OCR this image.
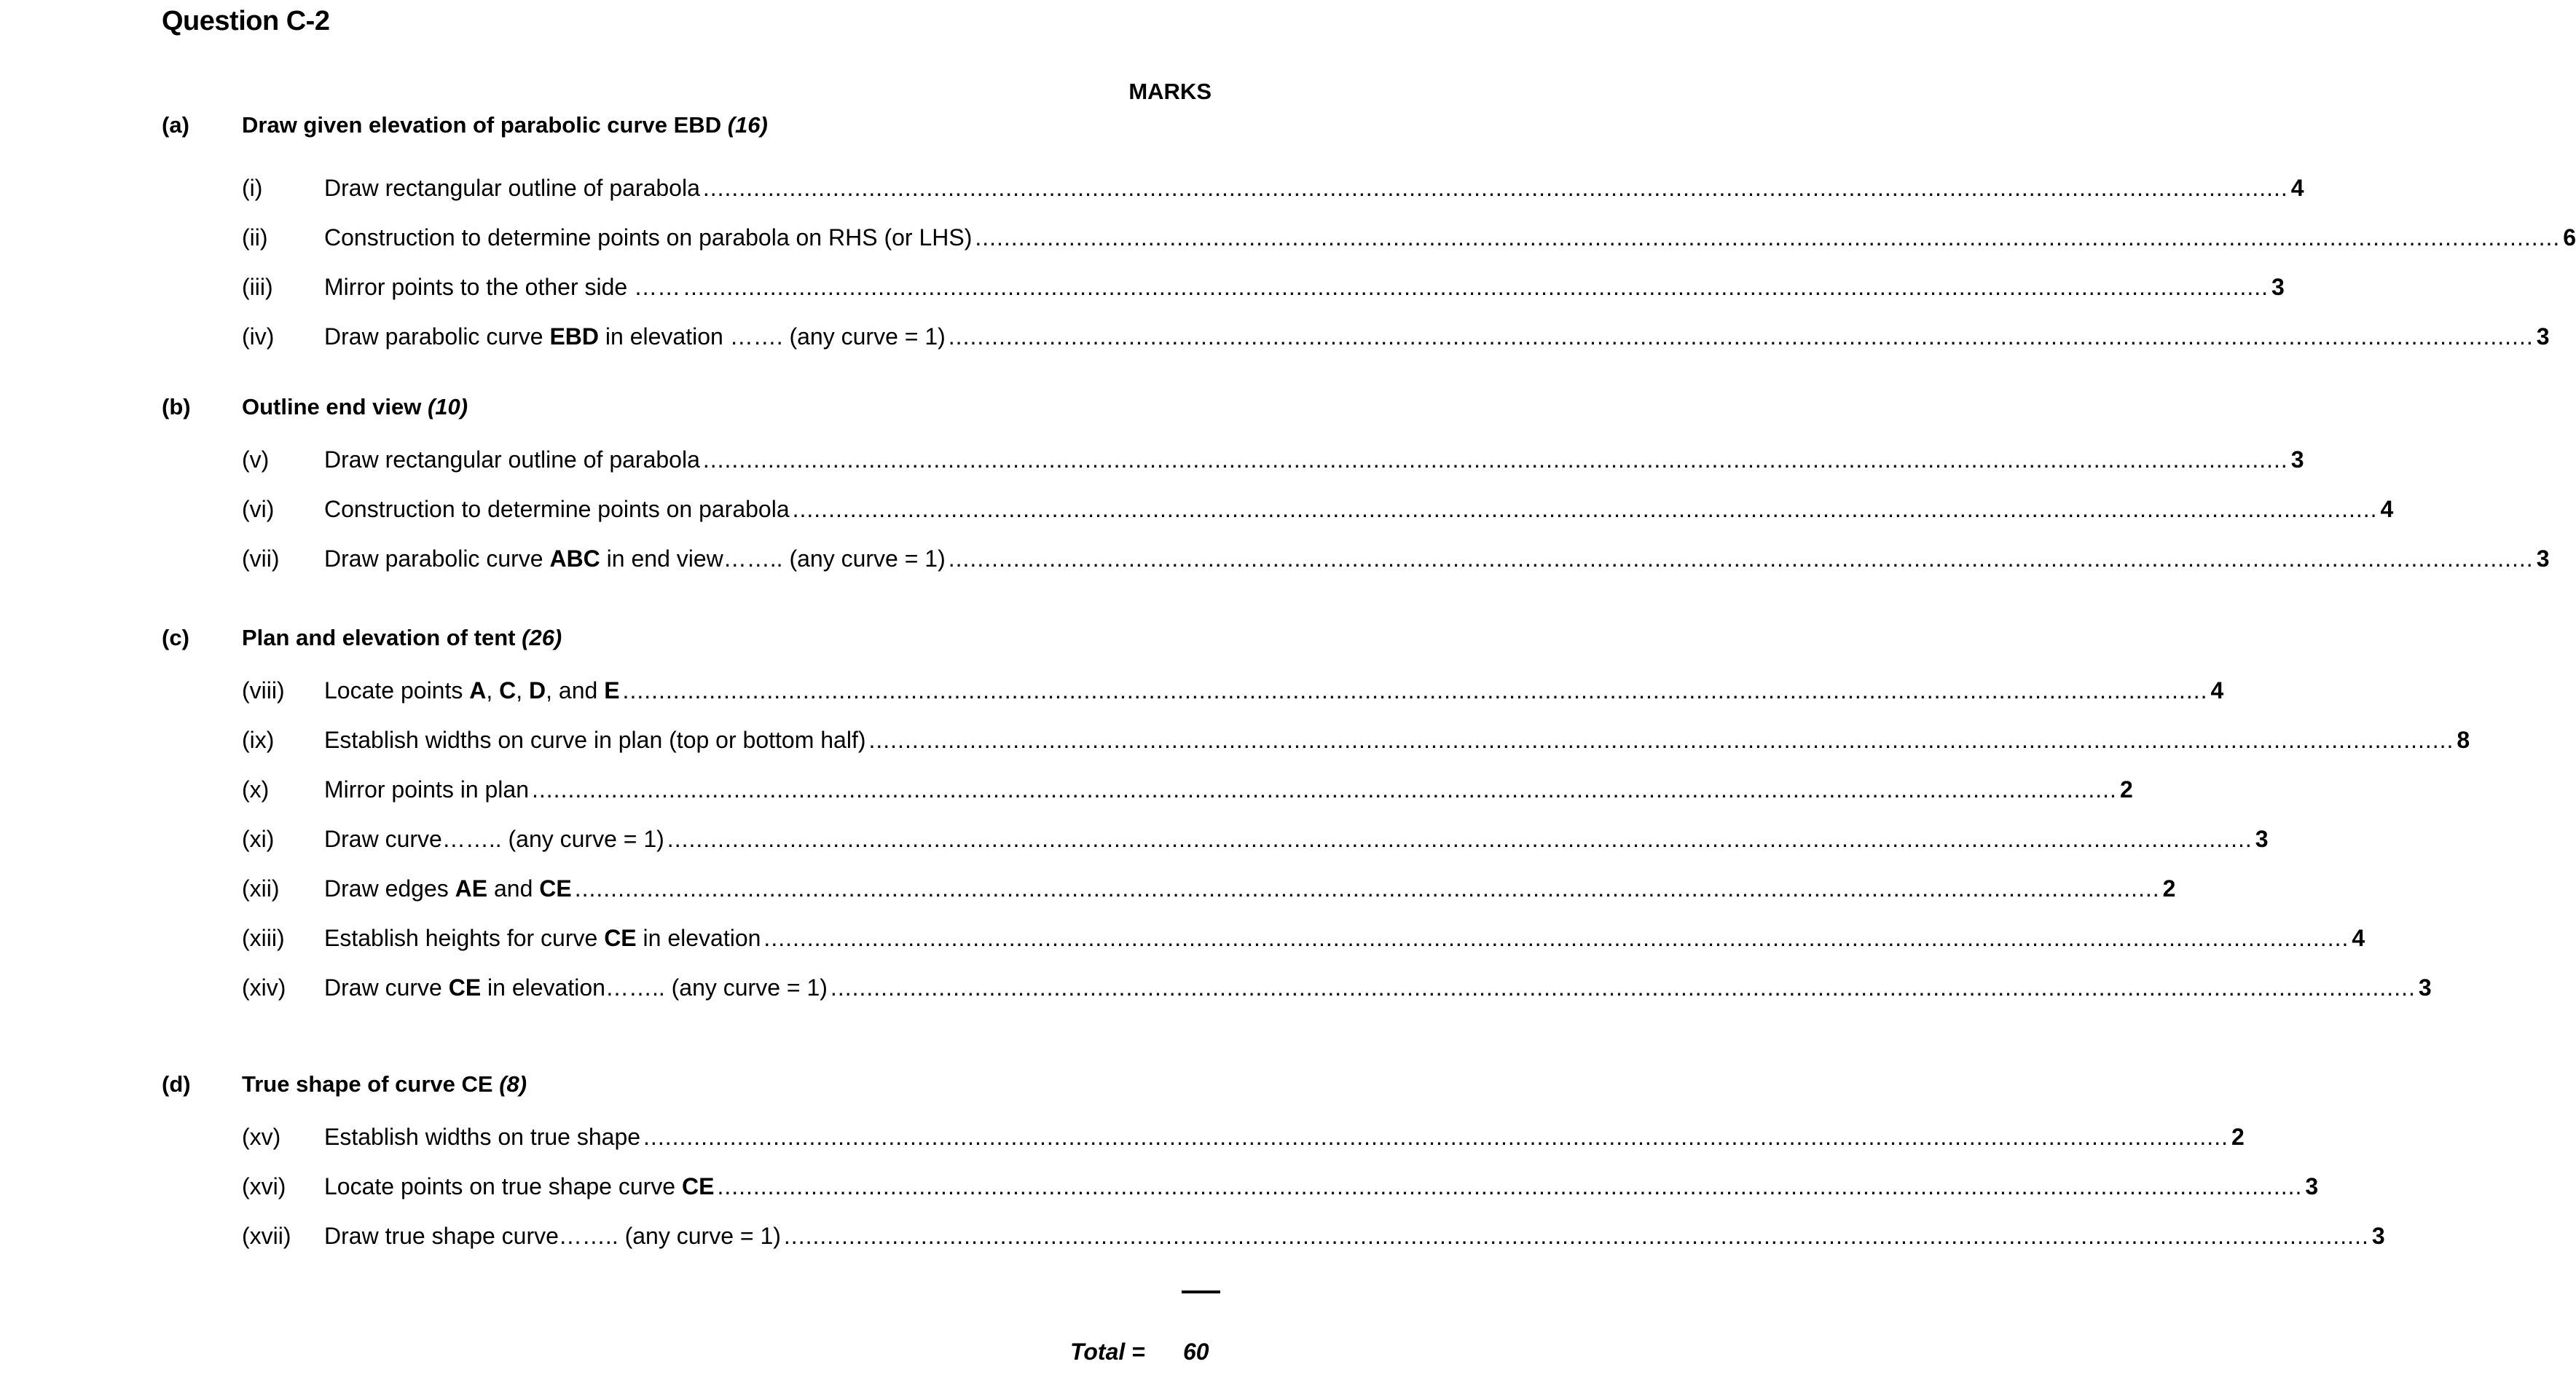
Question C-2
MARKS
(a) Draw given elevation of parabolic curve EBD (16)
(i)	Draw rectangular outline of parabola ............................................................................................................................................................................................................................ 4
(ii) Construction to determine points on parabola on RHS (or LHS) ............................................................................................................................................................................................................................ 6
(iii) Mirror points to the other side …… ............................................................................................................................................................................................................................ 3
(iv) Draw parabolic curve EBD in elevation ……. (any curve = 1) ............................................................................................................................................................................................................................ 3
(b) Outline end view (10)
(v) Draw rectangular outline of parabola ............................................................................................................................................................................................................................ 3
(vi) Construction to determine points on parabola ............................................................................................................................................................................................................................ 4
(vii) Draw parabolic curve ABC in end view…….. (any curve = 1) ............................................................................................................................................................................................................................ 3
(c) Plan and elevation of tent (26)
(viii) Locate points A, C, D, and E ............................................................................................................................................................................................................................ 4
(ix) Establish widths on curve in plan (top or bottom half) ............................................................................................................................................................................................................................ 8
(x) Mirror points in plan ............................................................................................................................................................................................................................ 2
(xi) Draw curve…….. (any curve = 1) ............................................................................................................................................................................................................................ 3
(xii) Draw edges AE and CE ............................................................................................................................................................................................................................ 2
(xiii) Establish heights for curve CE in elevation ............................................................................................................................................................................................................................ 4
(xiv) Draw curve CE in elevation…….. (any curve = 1) ............................................................................................................................................................................................................................ 3
(d) True shape of curve CE (8)
(xv) Establish widths on true shape ............................................................................................................................................................................................................................ 2
(xvi) Locate points on true shape curve CE ............................................................................................................................................................................................................................ 3
(xvii) Draw true shape curve…….. (any curve = 1) ............................................................................................................................................................................................................................ 3
Total = 60
